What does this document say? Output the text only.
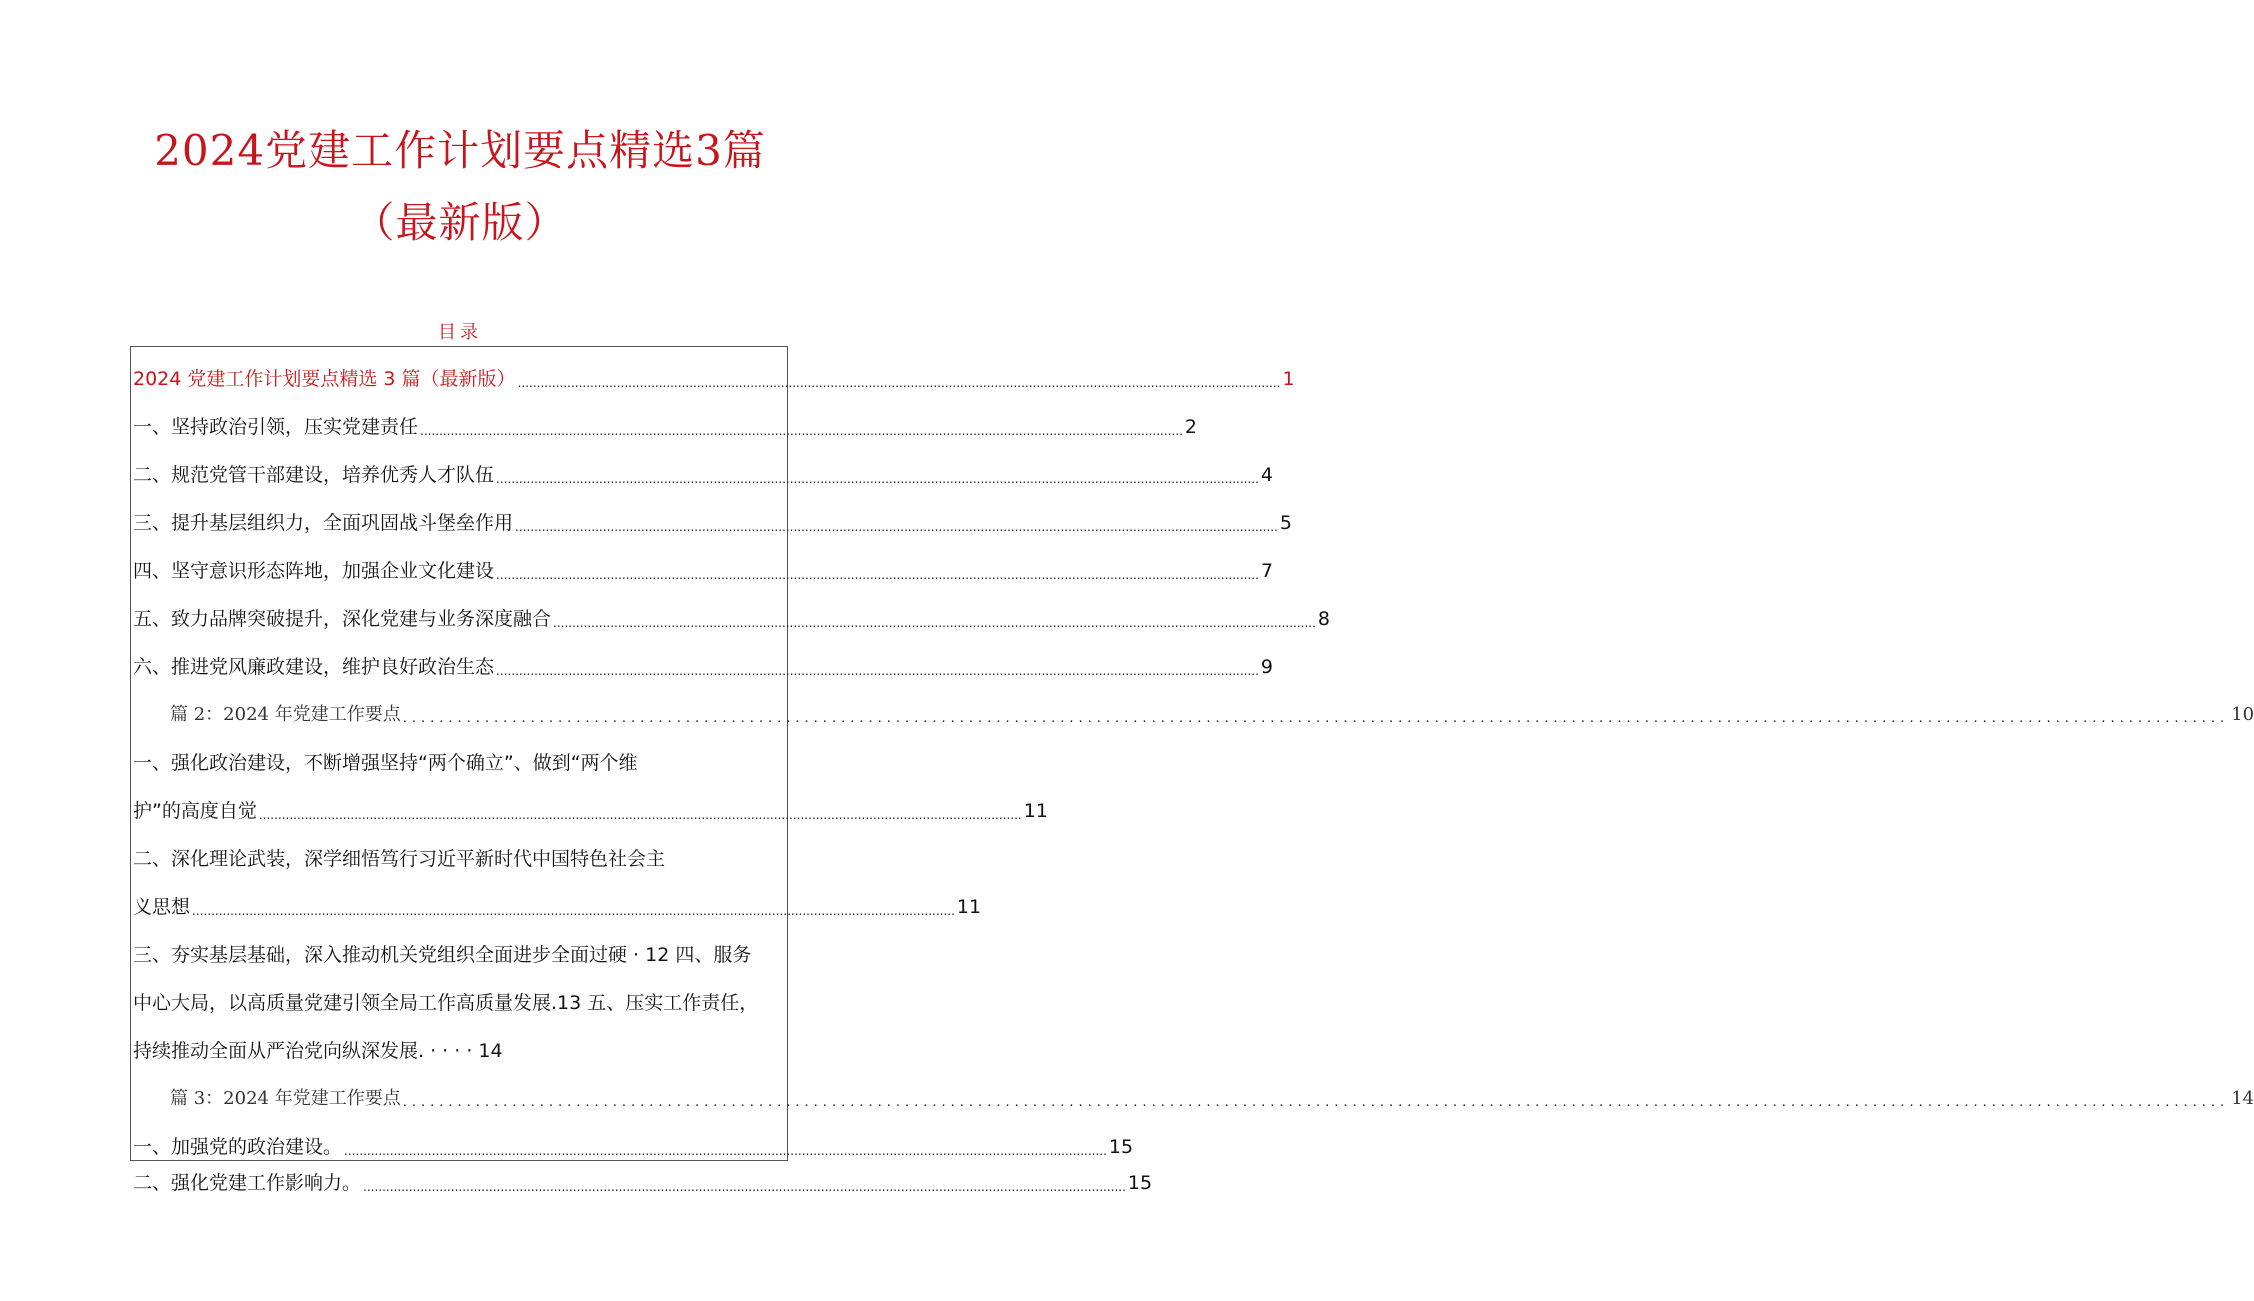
2024党建工作计划要点精选3篇
（最新版）
目录
2024 党建工作计划要点精选 3 篇（最新版） ........................................................................................................................................................................................................ 1
一、坚持政治引领，压实党建责任 ........................................................................................................................................................................................................ 2
二、规范党管干部建设，培养优秀人才队伍 ........................................................................................................................................................................................................ 4
三、提升基层组织力，全面巩固战斗堡垒作用 ........................................................................................................................................................................................................ 5
四、坚守意识形态阵地，加强企业文化建设 ........................................................................................................................................................................................................ 7
五、致力品牌突破提升，深化党建与业务深度融合 ........................................................................................................................................................................................................ 8
六、推进党风廉政建设，维护良好政治生态 ........................................................................................................................................................................................................ 9
篇 2：2024 年党建工作要点 ........................................................................................................................................................................................................ 10
一、强化政治建设，不断增强坚持“两个确立”、做到“两个维
护”的高度自觉 ........................................................................................................................................................................................................ 11
二、深化理论武装，深学细悟笃行习近平新时代中国特色社会主
义思想 ........................................................................................................................................................................................................ 11
三、夯实基层基础，深入推动机关党组织全面进步全面过硬 · 12 四、服务
中心大局，以高质量党建引领全局工作高质量发展.13 五、压实工作责任，
持续推动全面从严治党向纵深发展. · · · · 14
篇 3：2024 年党建工作要点 ........................................................................................................................................................................................................ 14
一、加强党的政治建设。 ........................................................................................................................................................................................................ 15
二、强化党建工作影响力。 ........................................................................................................................................................................................................ 15
